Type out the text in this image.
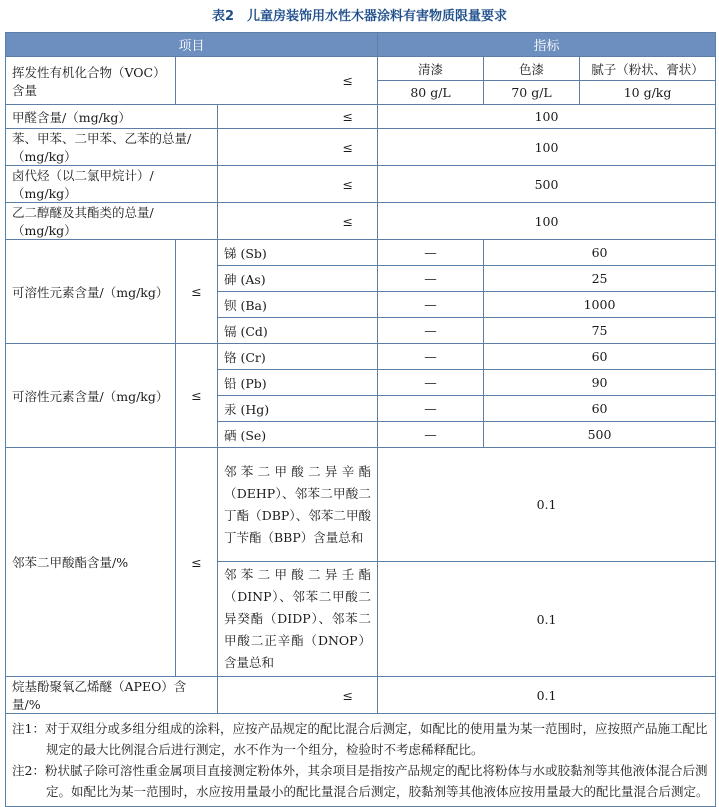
表2　儿童房装饰用水性木器涂料有害物质限量要求
项目			指标		
挥发性有机化合物（VOC）含量	≤		清漆	色漆	腻子（粉状、膏状）
			80 g/L	70 g/L	10 g/kg
甲醛含量/（mg/kg）		≤	100		
苯、甲苯、二甲苯、乙苯的总量/（mg/kg）		≤	100		
卤代烃（以二氯甲烷计）/（mg/kg）		≤	500		
乙二醇醚及其酯类的总量/（mg/kg）		≤	100		
可溶性元素含量/（mg/kg）	≤	锑 (Sb)	—	60	
		砷 (As)	—	25	
		钡 (Ba)	—	1000	
		镉 (Cd)	—	75	
可溶性元素含量/（mg/kg）	≤	铬 (Cr)	—	60	
		铅 (Pb)	—	90	
		汞 (Hg)	—	60	
		硒 (Se)	—	500	
邻苯二甲酸酯含量/%	≤	邻苯二甲酸二异辛酯（DEHP）、邻苯二甲酸二丁酯（DBP）、邻苯二甲酸丁苄酯（BBP）含量总和	0.1		
		邻苯二甲酸二异壬酯（DINP）、邻苯二甲酸二异癸酯（DIDP）、邻苯二甲酸二正辛酯（DNOP）含量总和	0.1		
烷基酚聚氧乙烯醚（APEO）含量/%		≤	0.1		

注1：对于双组分或多组分组成的涂料，应按产品规定的配比混合后测定，如配比的使用量为某一范围时，应按照产品施工配比规定的最大比例混合后进行测定，水不作为一个组分，检验时不考虑稀释配比。
注2：粉状腻子除可溶性重金属项目直接测定粉体外，其余项目是指按产品规定的配比将粉体与水或胶黏剂等其他液体混合后测定。如配比为某一范围时，水应按用量最小的配比量混合后测定，胶黏剂等其他液体应按用量最大的配比量混合后测定。					
